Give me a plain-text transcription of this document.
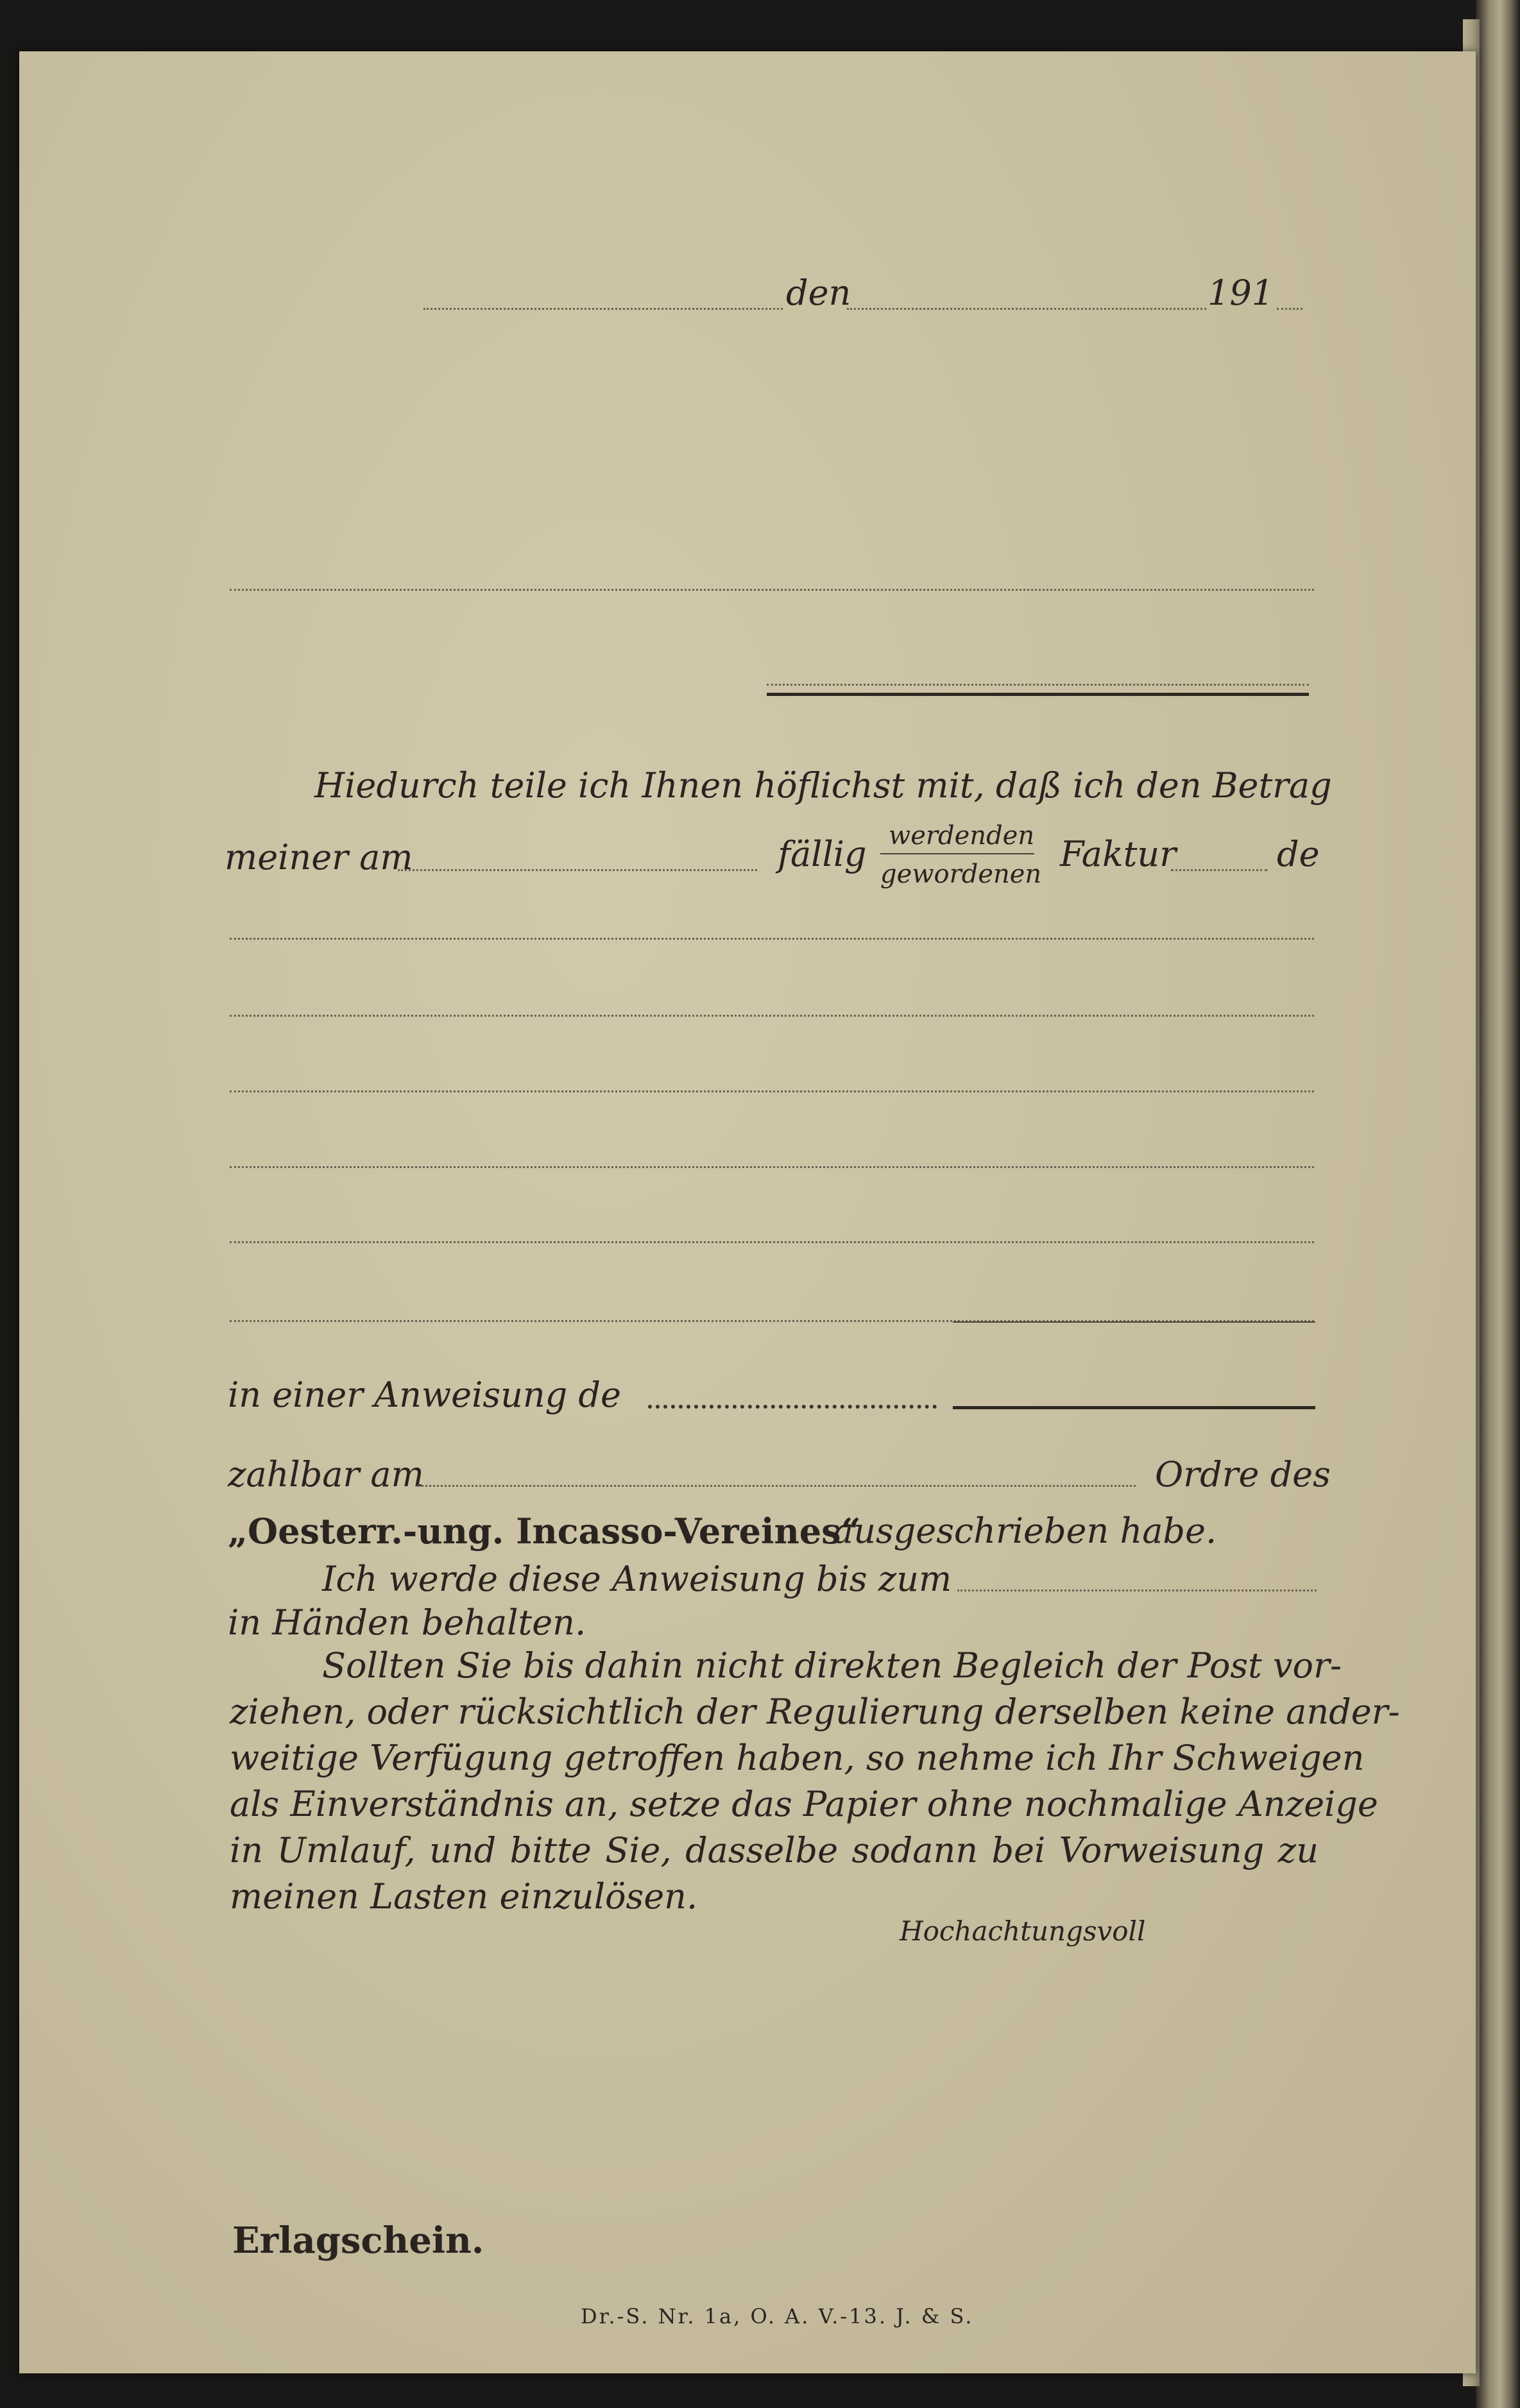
den	191
Hiedurch teile ich Ihnen höflichst mit, daß ich den Betrag
meiner am	fällig werdenden
gewordenen Faktur	de
in einer Anweisung de
zahlbar am	Ordre des
„Oesterr.-ung. Incasso-Vereines“
ausgeschrieben habe.
Ich werde diese Anweisung bis zum
in Händen behalten.
Sollten Sie bis dahin nicht direkten Begleich der Post vor-
ziehen, oder rücksichtlich der Regulierung derselben keine ander-
weitige Verfügung getroffen haben, so nehme ich Ihr Schweigen
als Einverständnis an, setze das Papier ohne nochmalige Anzeige
in Umlauf, und bitte Sie, dasselbe sodann bei Vorweisung zu
meinen Lasten einzulösen.
Hochachtungsvoll
Erlagschein.
Dr.-S. Nr. 1a, O. A. V.-13. J. & S.
